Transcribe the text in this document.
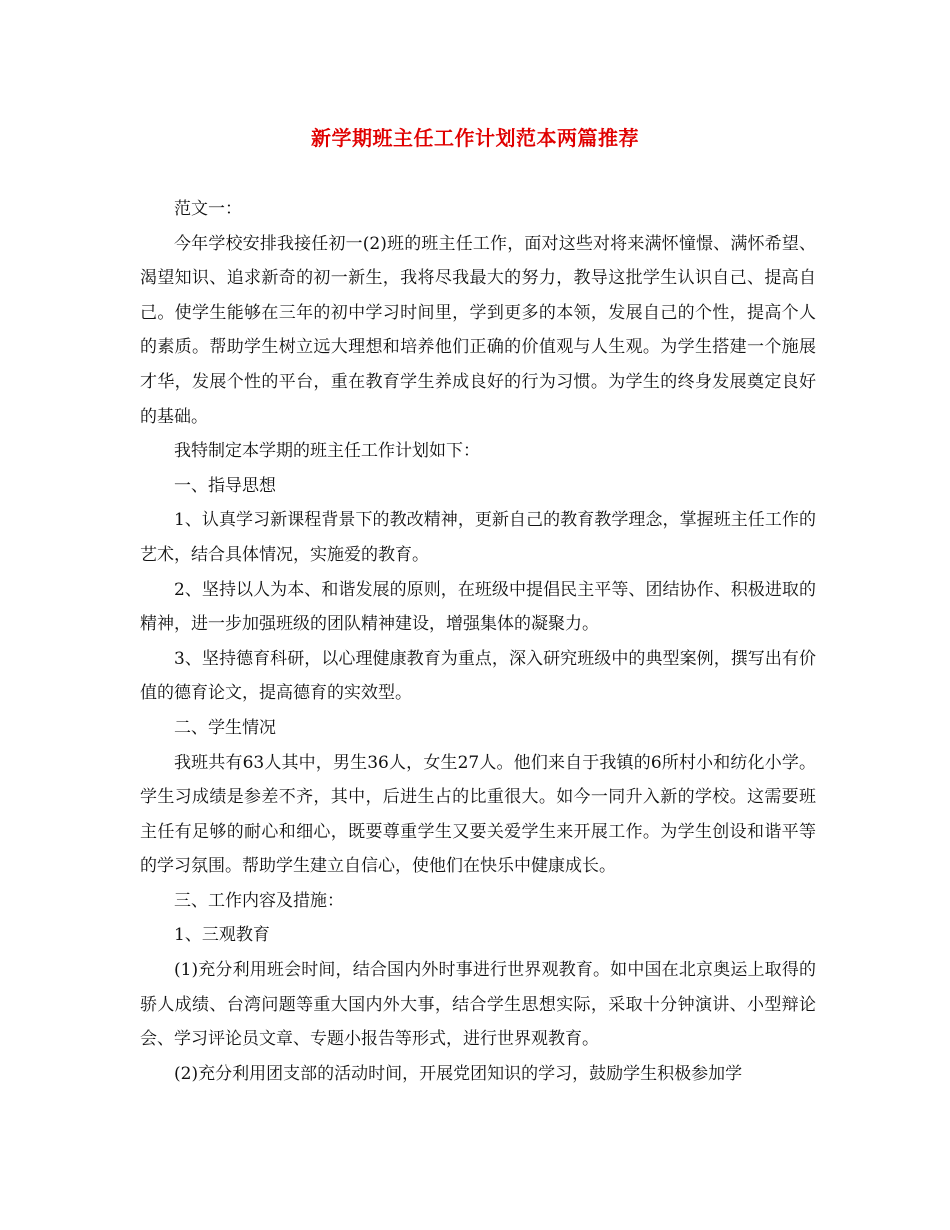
新学期班主任工作计划范本两篇推荐

范文一：

今年学校安排我接任初一(2)班的班主任工作，面对这些对将来满怀憧憬、满怀希望、渴望知识、追求新奇的初一新生，我将尽我最大的努力，教导这批学生认识自己、提高自己。使学生能够在三年的初中学习时间里，学到更多的本领，发展自己的个性，提高个人的素质。帮助学生树立远大理想和培养他们正确的价值观与人生观。为学生搭建一个施展才华，发展个性的平台，重在教育学生养成良好的行为习惯。为学生的终身发展奠定良好的基础。

我特制定本学期的班主任工作计划如下：

一、指导思想

1、认真学习新课程背景下的教改精神，更新自己的教育教学理念，掌握班主任工作的艺术，结合具体情况，实施爱的教育。

2、坚持以人为本、和谐发展的原则，在班级中提倡民主平等、团结协作、积极进取的精神，进一步加强班级的团队精神建设，增强集体的凝聚力。

3、坚持德育科研，以心理健康教育为重点，深入研究班级中的典型案例，撰写出有价值的德育论文，提高德育的实效型。

二、学生情况

我班共有63人其中，男生36人，女生27人。他们来自于我镇的6所村小和纺化小学。学生习成绩是参差不齐，其中，后进生占的比重很大。如今一同升入新的学校。这需要班主任有足够的耐心和细心，既要尊重学生又要关爱学生来开展工作。为学生创设和谐平等的学习氛围。帮助学生建立自信心，使他们在快乐中健康成长。

三、工作内容及措施：

1、三观教育

(1)充分利用班会时间，结合国内外时事进行世界观教育。如中国在北京奥运上取得的骄人成绩、台湾问题等重大国内外大事，结合学生思想实际，采取十分钟演讲、小型辩论会、学习评论员文章、专题小报告等形式，进行世界观教育。

(2)充分利用团支部的活动时间，开展党团知识的学习，鼓励学生积极参加学
